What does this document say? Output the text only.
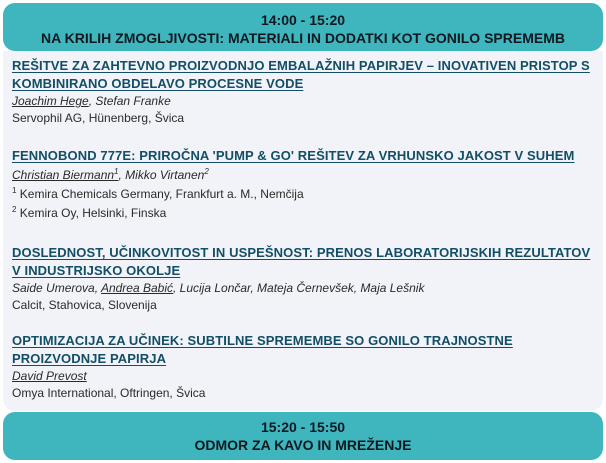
14:00 - 15:20
NA KRILIH ZMOGLJIVOSTI: MATERIALI IN DODATKI KOT GONILO SPREMEMB
REŠITVE ZA ZAHTEVNO PROIZVODNJO EMBALAŽNIH PAPIRJEV – INOVATIVEN PRISTOP S KOMBINIRANO OBDELAVO PROCESNE VODE
Joachim Hege, Stefan Franke
Servophil AG, Hünenberg, Švica
FENNOBOND 777E: PRIROČNA 'PUMP & GO' REŠITEV ZA VRHUNSKO JAKOST V SUHEM
Christian Biermann$^1$, Mikko Virtanen$^2$
$^1$ Kemira Chemicals Germany, Frankfurt a. M., Nemčija
$^2$ Kemira Oy, Helsinki, Finska
DOSLEDNOST, UČINKOVITOST IN USPEŠNOST: PRENOS LABORATORIJSKIH REZULTATOV V INDUSTRIJSKO OKOLJE
Saide Umerova, Andrea Babić, Lucija Lončar, Mateja Černevšek, Maja Lešnik
Calcit, Stahovica, Slovenija
OPTIMIZACIJA ZA UČINEK: SUBTILNE SPREMEMBE SO GONILO TRAJNOSTNE PROIZVODNJE PAPIRJA
David Prevost
Omya International, Oftringen, Švica
15:20 - 15:50
ODMOR ZA KAVO IN MREŽENJE
